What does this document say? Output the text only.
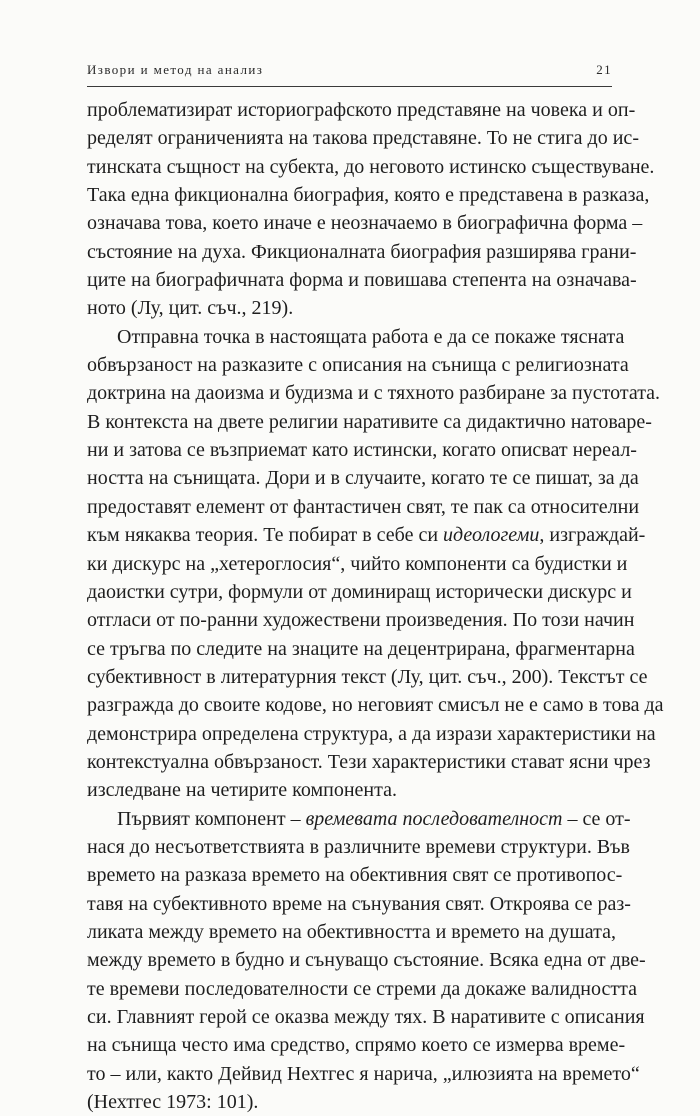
Извори и метод на анализ	21
проблематизират историографското представяне на човека и оп-
ределят ограниченията на такова представяне. То не стига до ис-
тинската същност на субекта, до неговото истинско съществуване.
Така една фикционална биография, която е представена в разказа,
означава това, което иначе е неозначаемо в биографична форма –
състояние на духа. Фикционалната биография разширява грани-
ците на биографичната форма и повишава степента на означава-
ното (Лу, цит. съч., 219).
Отправна точка в настоящата работа е да се покаже тясната
обвързаност на разказите с описания на сънища с религиозната
доктрина на даоизма и будизма и с тяхното разбиране за пустотата.
В контекста на двете религии наративите са дидактично натоваре-
ни и затова се възприемат като истински, когато описват нереал-
ността на сънищата. Дори и в случаите, когато те се пишат, за да
предоставят елемент от фантастичен свят, те пак са относителни
към някаква теория. Те побират в себе си идеологеми, изграждай-
ки дискурс на „хетероглосия“, чийто компоненти са будистки и
даоистки сутри, формули от доминиращ исторически дискурс и
отгласи от по-ранни художествени произведения. По този начин
се тръгва по следите на знаците на децентрирана, фрагментарна
субективност в литературния текст (Лу, цит. съч., 200). Текстът се
разгражда до своите кодове, но неговият смисъл не е само в това да
демонстрира определена структура, а да изрази характеристики на
контекстуална обвързаност. Тези характеристики стават ясни чрез
изследване на четирите компонента.
Първият компонент – времевата последователност – се от-
нася до несъответствията в различните времеви структури. Във
времето на разказа времето на обективния свят се противопос-
тавя на субективното време на сънувания свят. Откроява се раз-
ликата между времето на обективността и времето на душата,
между времето в будно и сънуващо състояние. Всяка една от две-
те времеви последователности се стреми да докаже валидността
си. Главният герой се оказва между тях. В наративите с описания
на сънища често има средство, спрямо което се измерва време-
то – или, както Дейвид Нехтгес я нарича, „илюзията на времето“
(Нехтгес 1973: 101).
